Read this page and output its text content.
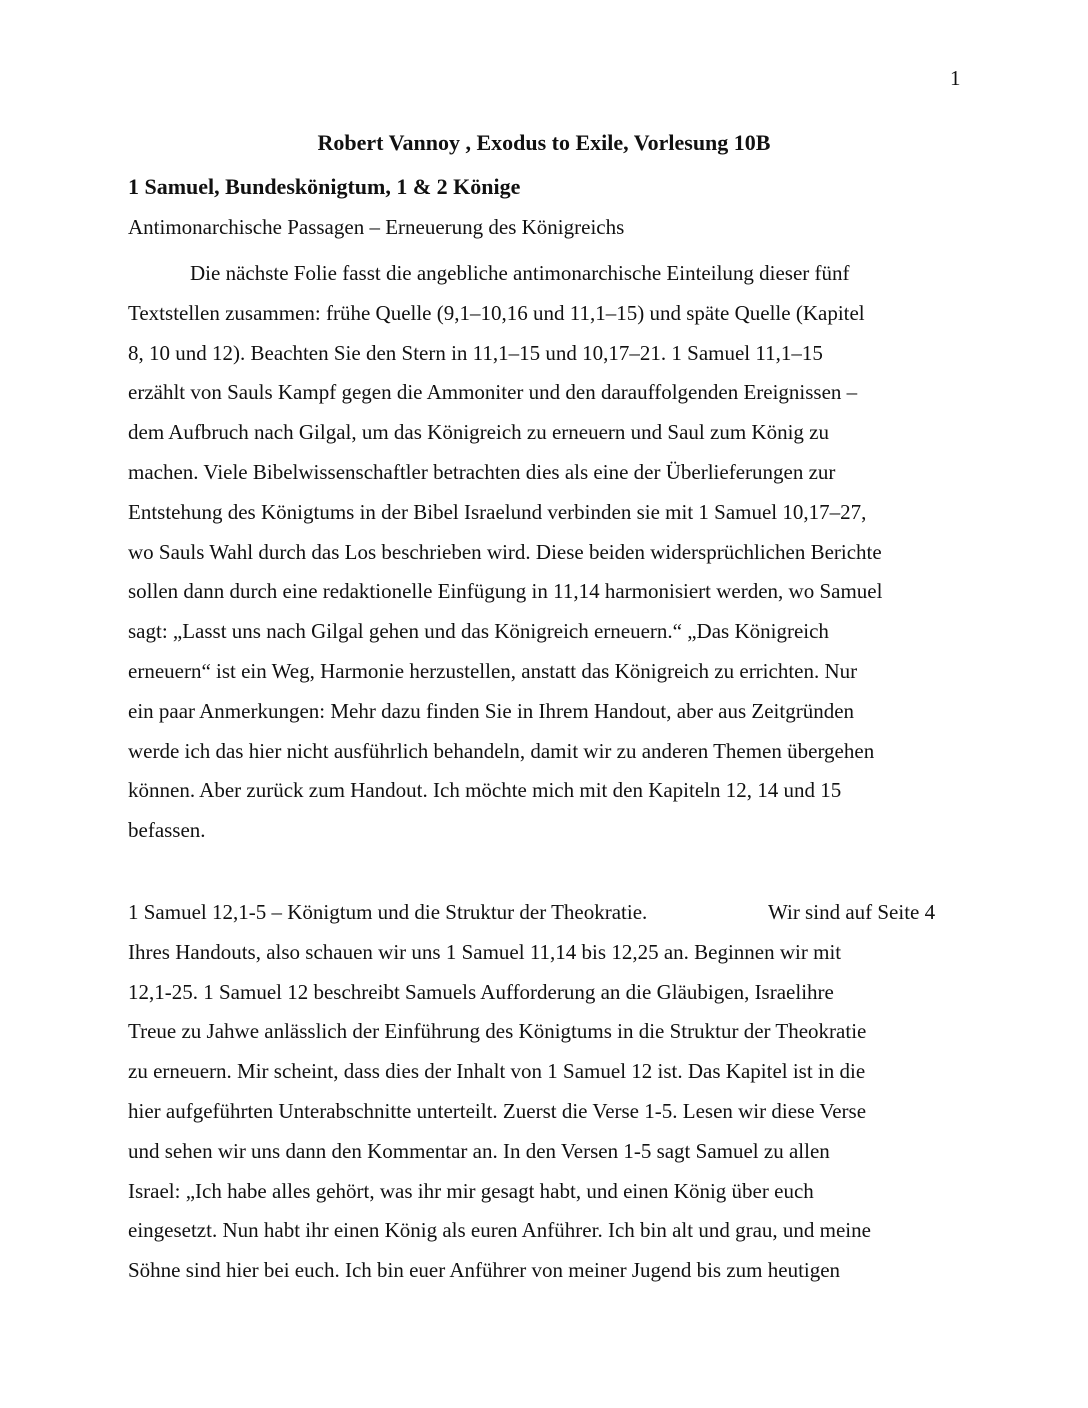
1
Robert Vannoy , Exodus to Exile, Vorlesung 10B
1 Samuel, Bundeskönigtum, 1 & 2 Könige
Antimonarchische Passagen – Erneuerung des Königreichs
Die nächste Folie fasst die angebliche antimonarchische Einteilung dieser fünf
Textstellen zusammen: frühe Quelle (9,1–10,16 und 11,1–15) und späte Quelle (Kapitel
8, 10 und 12). Beachten Sie den Stern in 11,1–15 und 10,17–21. 1 Samuel 11,1–15
erzählt von Sauls Kampf gegen die Ammoniter und den darauffolgenden Ereignissen –
dem Aufbruch nach Gilgal, um das Königreich zu erneuern und Saul zum König zu
machen. Viele Bibelwissenschaftler betrachten dies als eine der Überlieferungen zur
Entstehung des Königtums in der Bibel Israelund verbinden sie mit 1 Samuel 10,17–27,
wo Sauls Wahl durch das Los beschrieben wird. Diese beiden widersprüchlichen Berichte
sollen dann durch eine redaktionelle Einfügung in 11,14 harmonisiert werden, wo Samuel
sagt: „Lasst uns nach Gilgal gehen und das Königreich erneuern.“ „Das Königreich
erneuern“ ist ein Weg, Harmonie herzustellen, anstatt das Königreich zu errichten. Nur
ein paar Anmerkungen: Mehr dazu finden Sie in Ihrem Handout, aber aus Zeitgründen
werde ich das hier nicht ausführlich behandeln, damit wir zu anderen Themen übergehen
können. Aber zurück zum Handout. Ich möchte mich mit den Kapiteln 12, 14 und 15
befassen.
1 Samuel 12,1-5 – Königtum und die Struktur der Theokratie.	Wir sind auf Seite 4
Ihres Handouts, also schauen wir uns 1 Samuel 11,14 bis 12,25 an. Beginnen wir mit
12,1-25. 1 Samuel 12 beschreibt Samuels Aufforderung an die Gläubigen, Israelihre
Treue zu Jahwe anlässlich der Einführung des Königtums in die Struktur der Theokratie
zu erneuern. Mir scheint, dass dies der Inhalt von 1 Samuel 12 ist. Das Kapitel ist in die
hier aufgeführten Unterabschnitte unterteilt. Zuerst die Verse 1-5. Lesen wir diese Verse
und sehen wir uns dann den Kommentar an. In den Versen 1-5 sagt Samuel zu allen
Israel: „Ich habe alles gehört, was ihr mir gesagt habt, und einen König über euch
eingesetzt. Nun habt ihr einen König als euren Anführer. Ich bin alt und grau, und meine
Söhne sind hier bei euch. Ich bin euer Anführer von meiner Jugend bis zum heutigen
